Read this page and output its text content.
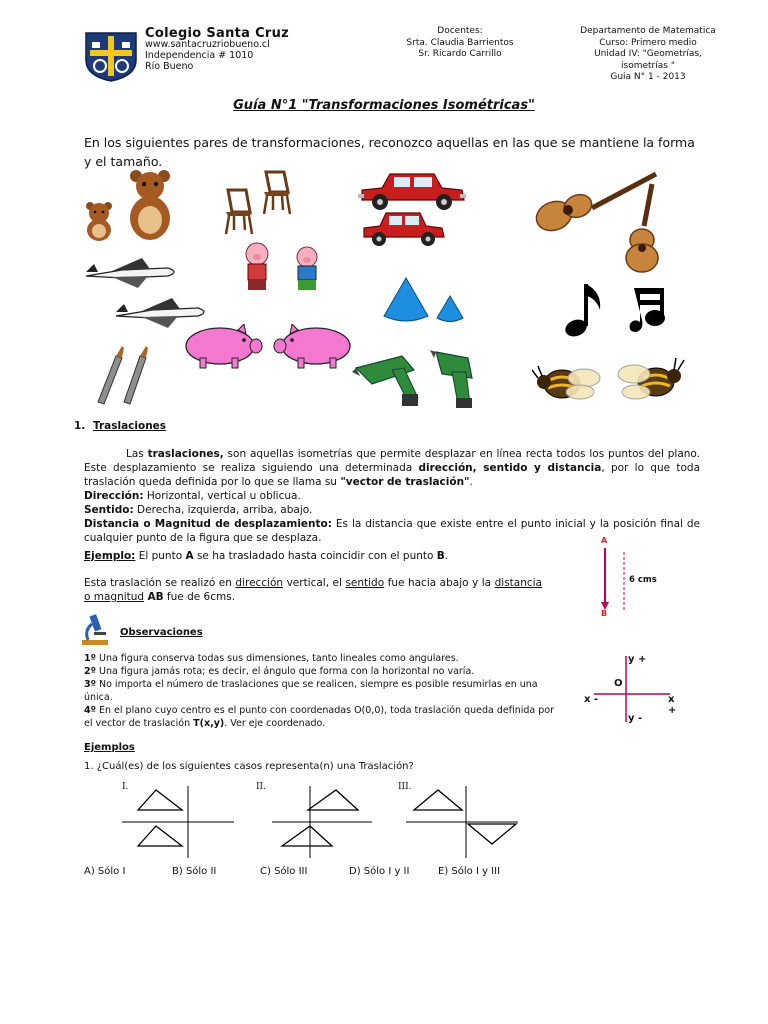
Colegio Santa Cruz
www.santacruzriobueno.cl
Independencia # 1010
Río Bueno
Docentes:
Srta. Claudia Barrientos
Sr. Ricardo Carrillo
Departamento de Matematica
Curso: Primero medio
Unidad IV: "Geometrías,
isometrías "
Guia N° 1 - 2013
Guía N°1 "Transformaciones Isométricas"
En los siguientes pares de transformaciones, reconozco aquellas en las que se mantiene la forma y el tamaño.
1. Traslaciones
Las traslaciones, son aquellas isometrías que permite desplazar en línea recta todos los puntos del plano. Este desplazamiento se realiza siguiendo una determinada dirección, sentido y distancia, por lo que toda traslación queda definida por lo que se llama su "vector de traslación".
Dirección: Horizontal, vertical u oblicua.
Sentido: Derecha, izquierda, arriba, abajo.
Distancia o Magnitud de desplazamiento: Es la distancia que existe entre el punto inicial y la posición final de cualquier punto de la figura que se desplaza.
Ejemplo: El punto A se ha trasladado hasta coincidir con el punto B.
Esta traslación se realizó en dirección vertical, el sentido fue hacia abajo y la distancia o magnitud AB fue de 6cms.
A
B
6 cms
Observaciones
1º Una figura conserva todas sus dimensiones, tanto lineales como angulares.
2º Una figura jamás rota; es decir, el ángulo que forma con la horizontal no varía.
3º No importa el número de traslaciones que se realicen, siempre es posible resumirlas en una única.
4º En el plano cuyo centro es el punto con coordenadas O(0,0), toda traslación queda definida por el vector de traslación T(x,y). Ver eje coordenado.
y +
y -
x +
x -
O
Ejemplos
1. ¿Cuál(es) de los siguientes casos representa(n) una Traslación?
I.	II.	III.
A) Sólo I	B) Sólo II	C) Sólo III	D) Sólo I y II	E) Sólo I y III
